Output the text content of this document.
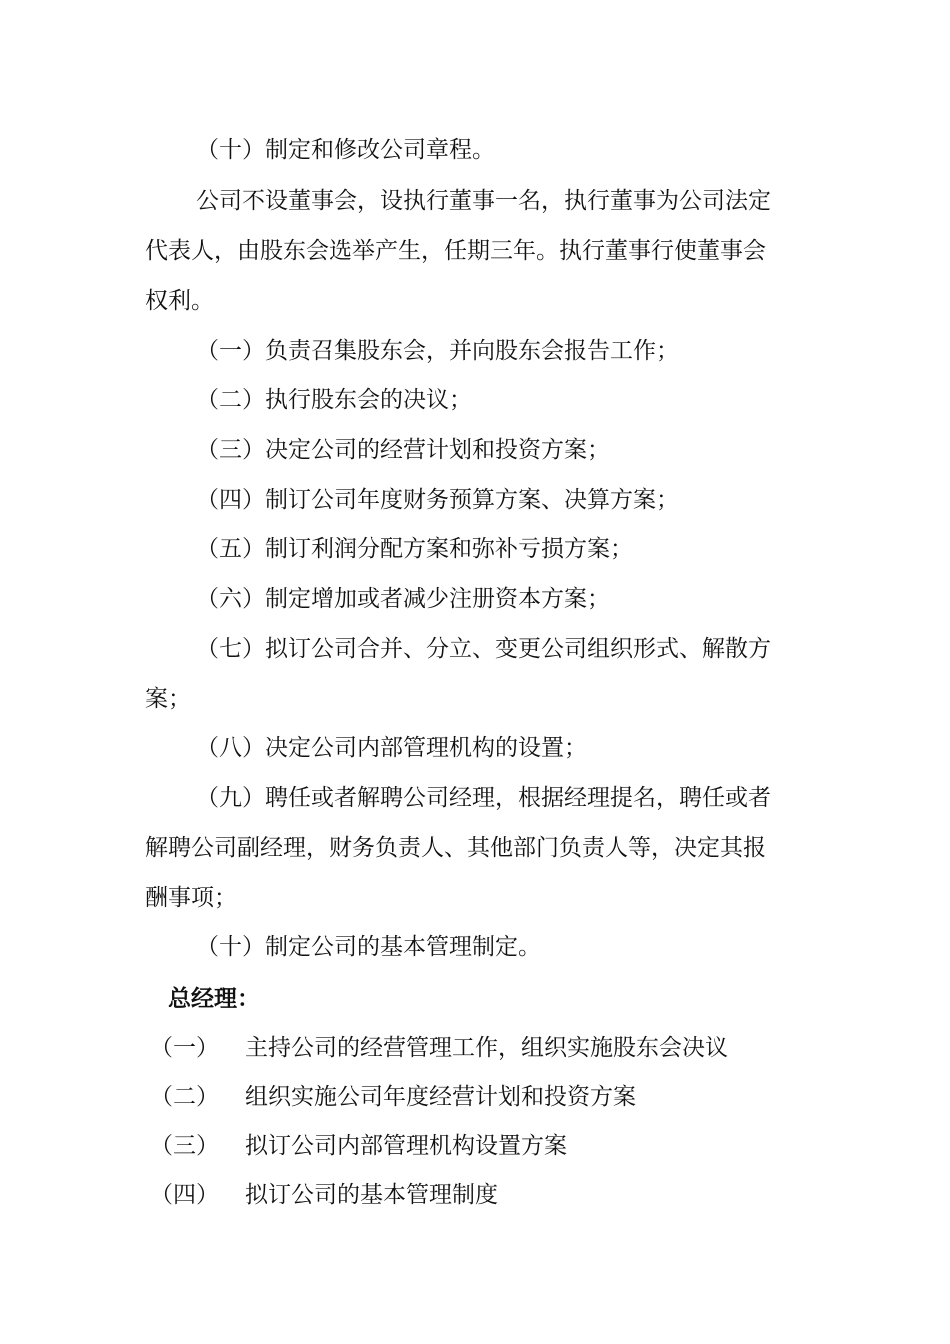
（十）制定和修改公司章程。
公司不设董事会，设执行董事一名，执行董事为公司法定
代表人，由股东会选举产生，任期三年。执行董事行使董事会
权利。
（一）负责召集股东会，并向股东会报告工作；
（二）执行股东会的决议；
（三）决定公司的经营计划和投资方案；
（四）制订公司年度财务预算方案、决算方案；
（五）制订利润分配方案和弥补亏损方案；
（六）制定增加或者减少注册资本方案；
（七）拟订公司合并、分立、变更公司组织形式、解散方
案；
（八）决定公司内部管理机构的设置；
（九）聘任或者解聘公司经理，根据经理提名，聘任或者
解聘公司副经理，财务负责人、其他部门负责人等，决定其报
酬事项；
（十）制定公司的基本管理制定。
总经理：
（一） 主持公司的经营管理工作，组织实施股东会决议
（二） 组织实施公司年度经营计划和投资方案
（三） 拟订公司内部管理机构设置方案
（四） 拟订公司的基本管理制度
